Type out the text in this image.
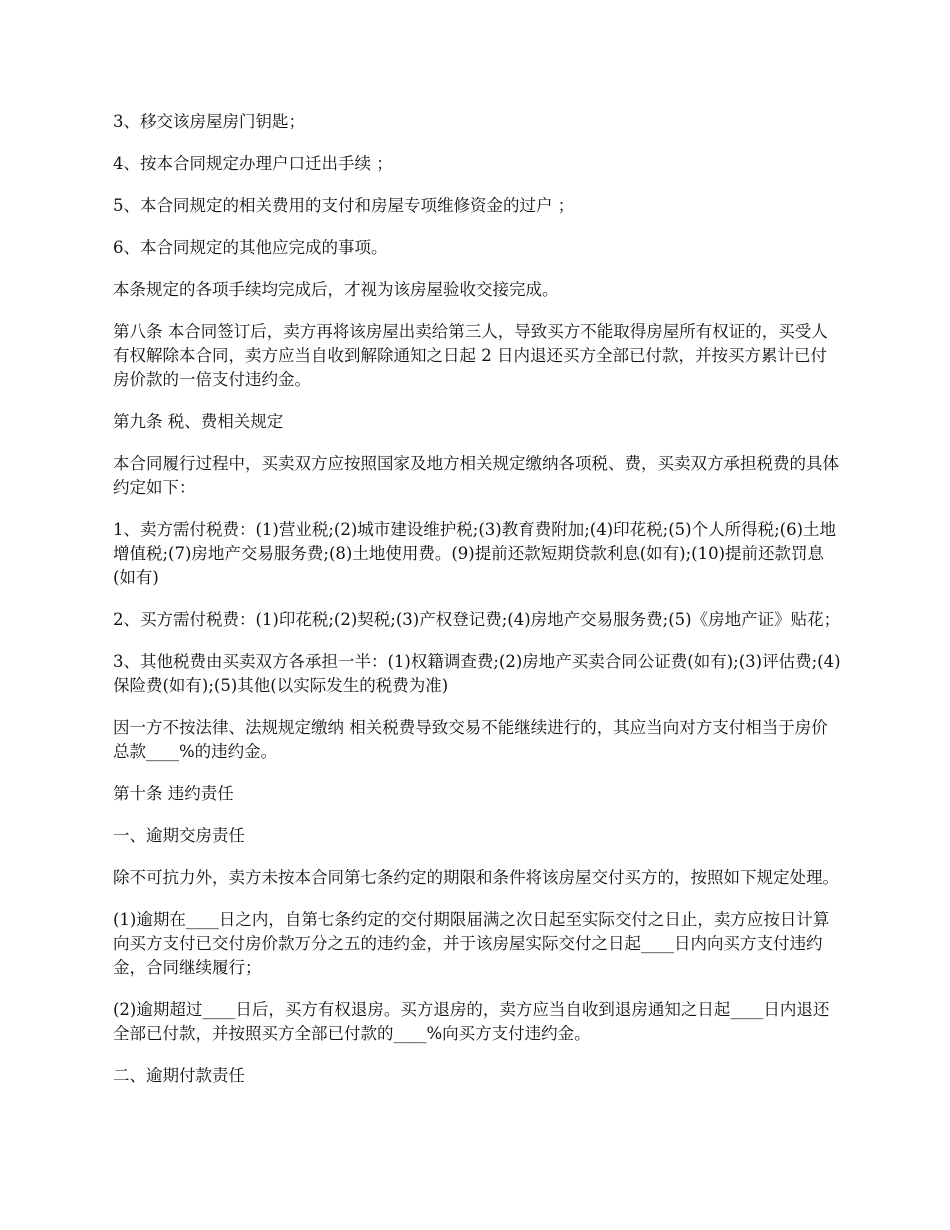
3、移交该房屋房门钥匙；

4、按本合同规定办理户口迁出手续 ；

5、本合同规定的相关费用的支付和房屋专项维修资金的过户 ；

6、本合同规定的其他应完成的事项。

本条规定的各项手续均完成后，才视为该房屋验收交接完成。

第八条 本合同签订后，卖方再将该房屋出卖给第三人，导致买方不能取得房屋所有权证的，买受人有权解除本合同，卖方应当自收到解除通知之日起 2 日内退还买方全部已付款，并按买方累计已付房价款的一倍支付违约金。

第九条 税、费相关规定

本合同履行过程中，买卖双方应按照国家及地方相关规定缴纳各项税、费，买卖双方承担税费的具体约定如下：

1、卖方需付税费：(1)营业税;(2)城市建设维护税;(3)教育费附加;(4)印花税;(5)个人所得税;(6)土地增值税;(7)房地产交易服务费;(8)土地使用费。(9)提前还款短期贷款利息(如有);(10)提前还款罚息(如有)

2、买方需付税费：(1)印花税;(2)契税;(3)产权登记费;(4)房地产交易服务费;(5)《房地产证》贴花；

3、其他税费由买卖双方各承担一半：(1)权籍调查费;(2)房地产买卖合同公证费(如有);(3)评估费;(4)保险费(如有);(5)其他(以实际发生的税费为准)

因一方不按法律、法规规定缴纳 相关税费导致交易不能继续进行的，其应当向对方支付相当于房价总款____%的违约金。

第十条 违约责任

一、逾期交房责任

除不可抗力外，卖方未按本合同第七条约定的期限和条件将该房屋交付买方的，按照如下规定处理。

(1)逾期在____日之内，自第七条约定的交付期限届满之次日起至实际交付之日止，卖方应按日计算向买方支付已交付房价款万分之五的违约金，并于该房屋实际交付之日起____日内向买方支付违约金，合同继续履行；

(2)逾期超过____日后，买方有权退房。买方退房的，卖方应当自收到退房通知之日起____日内退还全部已付款，并按照买方全部已付款的____%向买方支付违约金。

二、逾期付款责任
